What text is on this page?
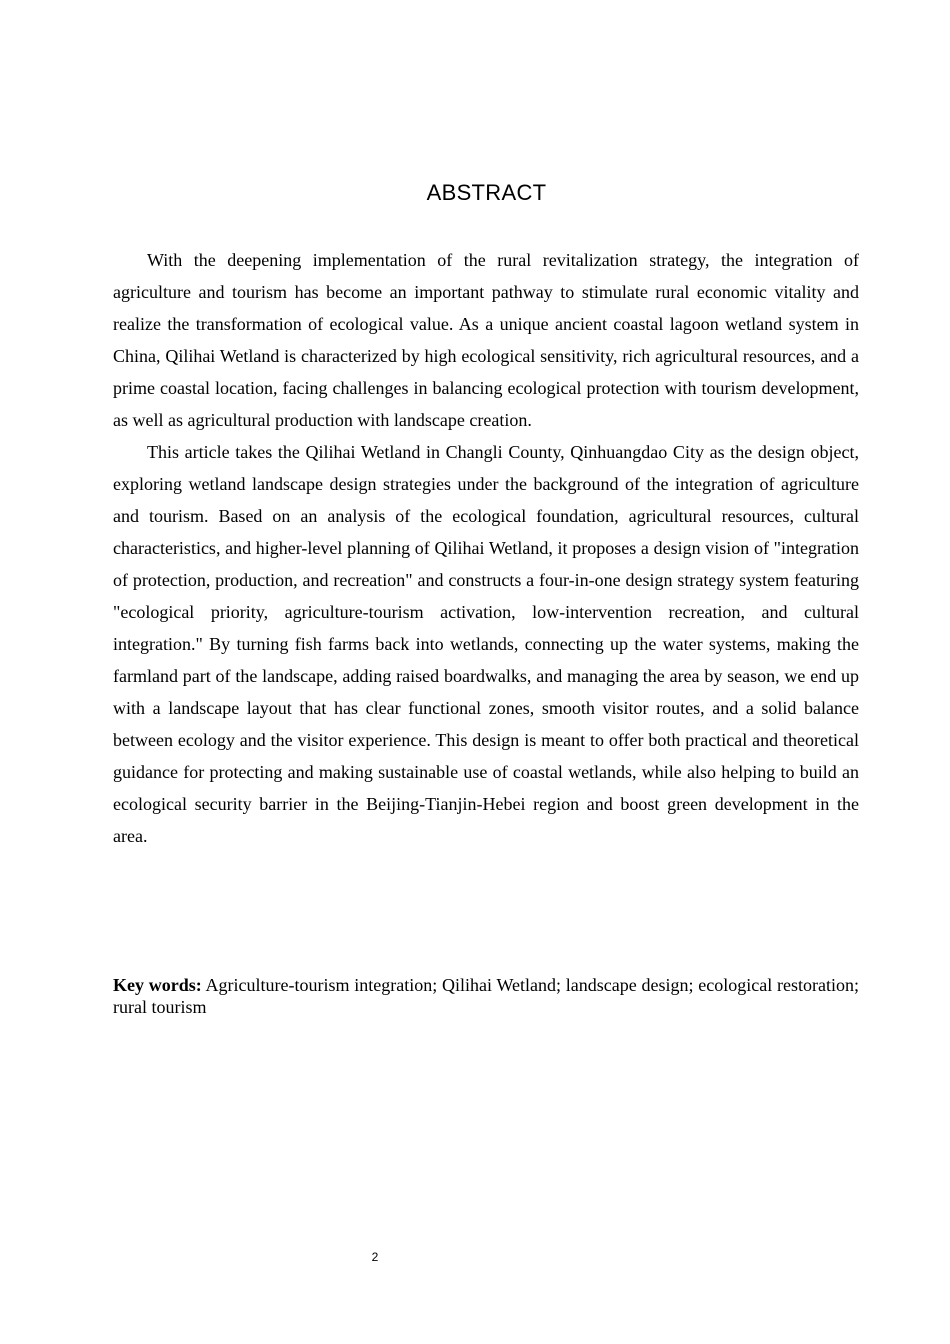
ABSTRACT

With the deepening implementation of the rural revitalization strategy, the integration of agriculture and tourism has become an important pathway to stimulate rural economic vitality and realize the transformation of ecological value. As a unique ancient coastal lagoon wetland system in China, Qilihai Wetland is characterized by high ecological sensitivity, rich agricultural resources, and a prime coastal location, facing challenges in balancing ecological protection with tourism development, as well as agricultural production with landscape creation.

This article takes the Qilihai Wetland in Changli County, Qinhuangdao City as the design object, exploring wetland landscape design strategies under the background of the integration of agriculture and tourism. Based on an analysis of the ecological foundation, agricultural resources, cultural characteristics, and higher-level planning of Qilihai Wetland, it proposes a design vision of "integration of protection, production, and recreation" and constructs a four-in-one design strategy system featuring "ecological priority, agriculture-tourism activation, low-intervention recreation, and cultural integration." By turning fish farms back into wetlands, connecting up the water systems, making the farmland part of the landscape, adding raised boardwalks, and managing the area by season, we end up with a landscape layout that has clear functional zones, smooth visitor routes, and a solid balance between ecology and the visitor experience. This design is meant to offer both practical and theoretical guidance for protecting and making sustainable use of coastal wetlands, while also helping to build an ecological security barrier in the Beijing-Tianjin-Hebei region and boost green development in the area.

Key words: Agriculture-tourism integration; Qilihai Wetland; landscape design; ecological restoration; rural tourism
2
